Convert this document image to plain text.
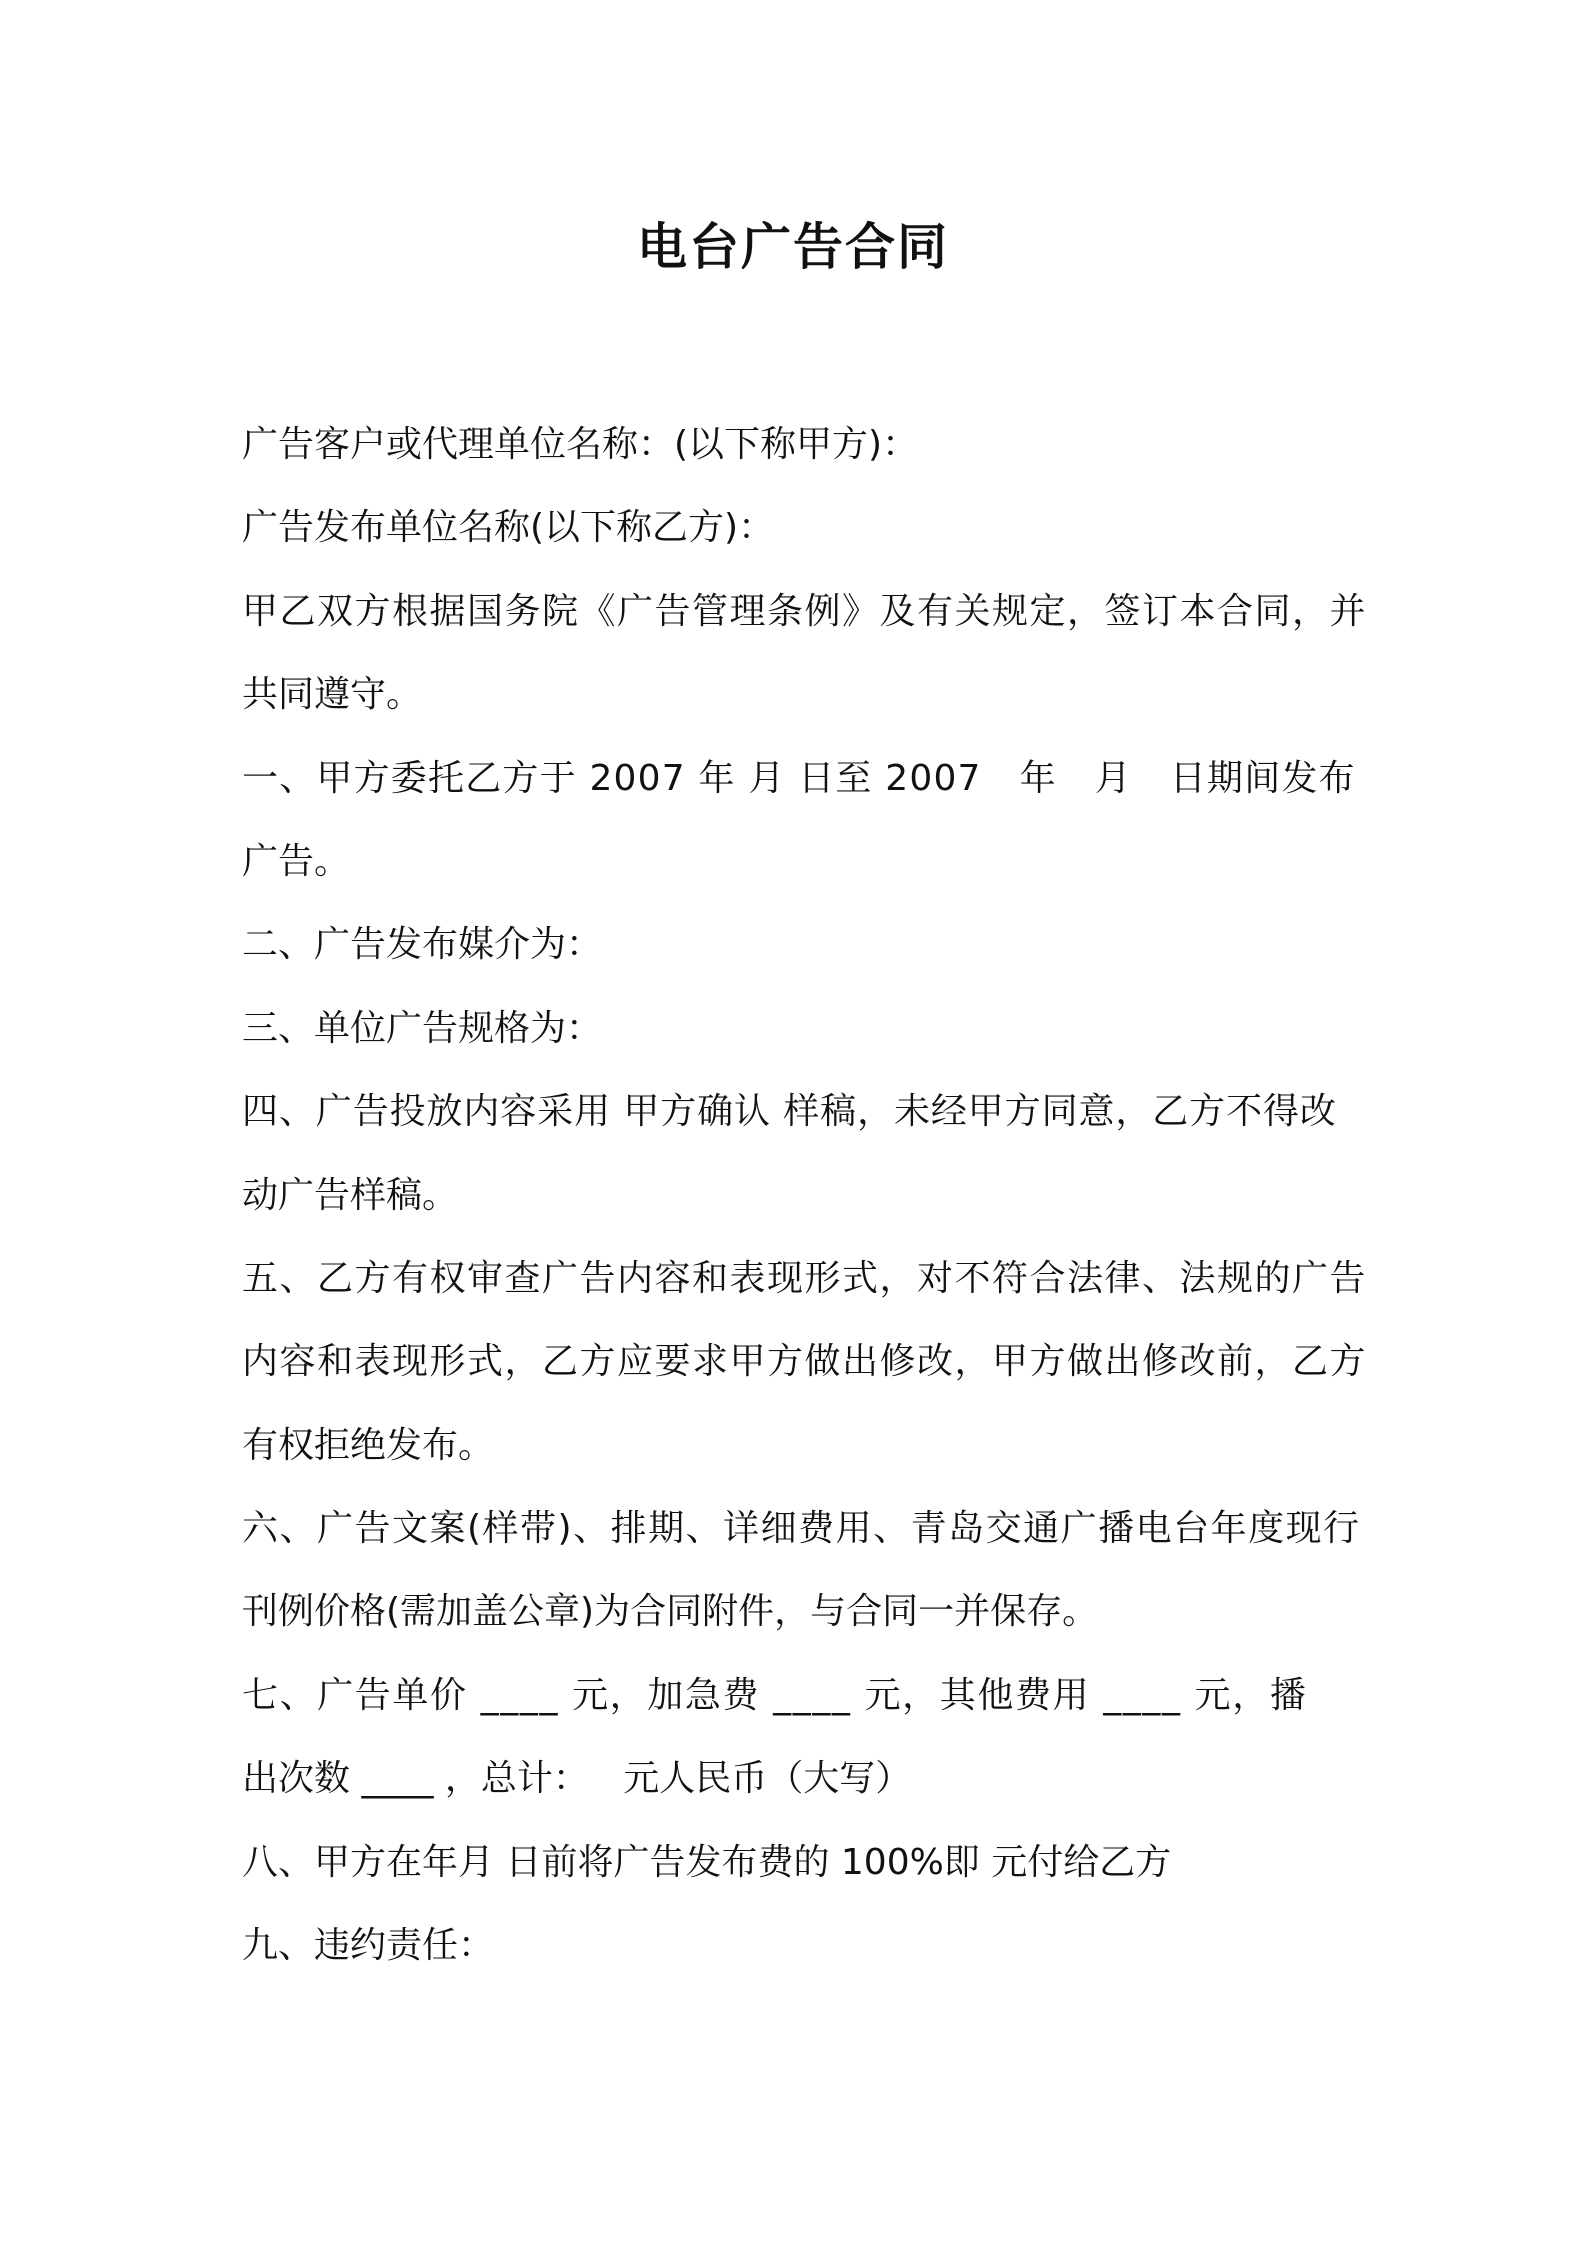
电台广告合同
广告客户或代理单位名称：(以下称甲方)：
广告发布单位名称(以下称乙方)：
甲乙双方根据国务院《广告管理条例》及有关规定，签订本合同，并
共同遵守。
一、甲方委托乙方于 2007 年 月 日至 2007   年   月   日期间发布
广告。
二、广告发布媒介为：
三、单位广告规格为：
四、广告投放内容采用 甲方确认 样稿，未经甲方同意，乙方不得改
动广告样稿。
五、乙方有权审查广告内容和表现形式，对不符合法律、法规的广告
内容和表现形式，乙方应要求甲方做出修改，甲方做出修改前，乙方
有权拒绝发布。
六、广告文案(样带)、排期、详细费用、青岛交通广播电台年度现行
刊例价格(需加盖公章)为合同附件，与合同一并保存。
七、广告单价 ____ 元，加急费 ____ 元，其他费用 ____ 元，播
出次数 ____ ，总计：   元人民币（大写）
八、甲方在年月 日前将广告发布费的 100%即 元付给乙方
九、违约责任：
